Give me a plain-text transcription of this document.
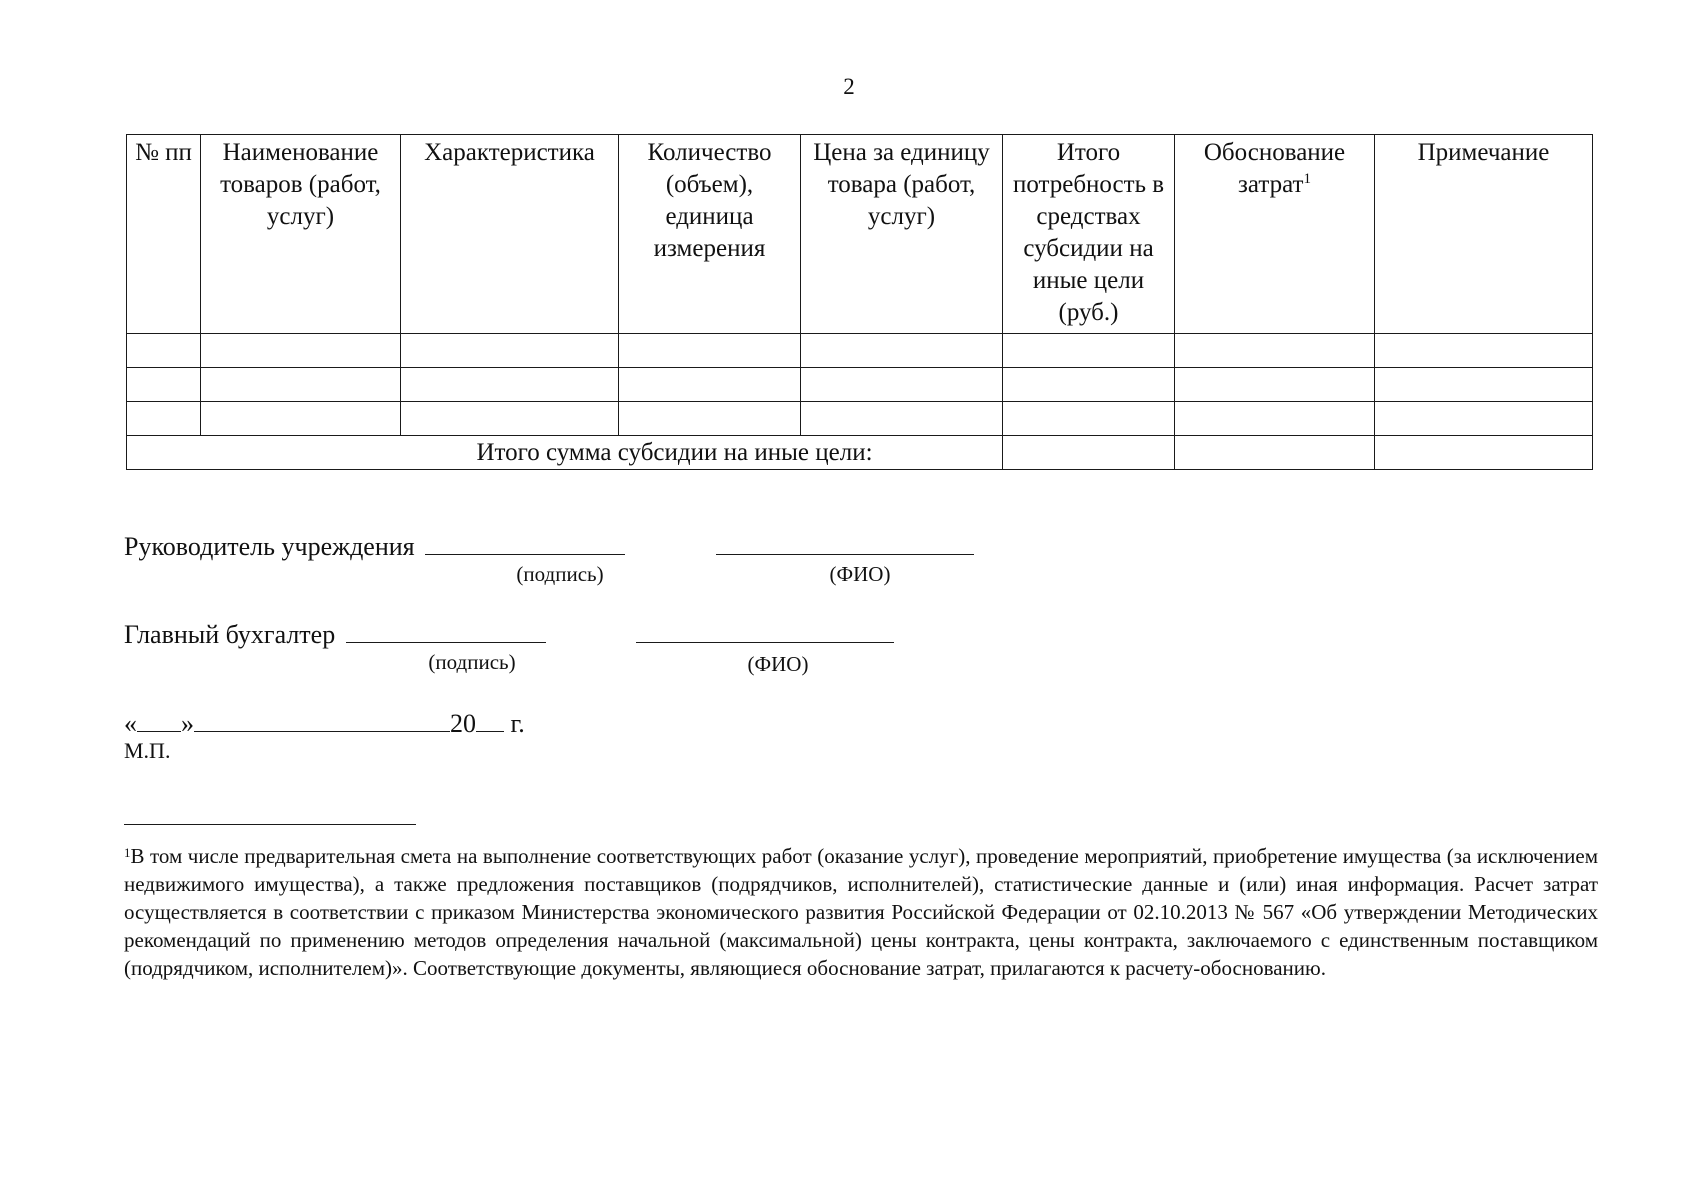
2
№ пп	Наименование товаров (работ, услуг)	Характеристика	Количество (объем), единица измерения	Цена за единицу товара (работ, услуг)	Итого потребность в средствах субсидии на иные цели (руб.)	Обоснование затрат$^1$	Примечание

Итого сумма субсидии на иные цели:							
Руководитель учреждения
(подпись)	(ФИО)
Главный бухгалтер
(подпись)	(ФИО)
« »	20 г.
М.П.
$^1$В том числе предварительная смета на выполнение соответствующих работ (оказание услуг), проведение мероприятий, приобретение имущества (за исключением недвижимого имущества), а также предложения поставщиков (подрядчиков, исполнителей), статистические данные и (или) иная информация. Расчет затрат осуществляется в соответствии с приказом Министерства экономического развития Российской Федерации от 02.10.2013 № 567 «Об утверждении Методических рекомендаций по применению методов определения начальной (максимальной) цены контракта, цены контракта, заключаемого с единственным поставщиком (подрядчиком, исполнителем)». Соответствующие документы, являющиеся обоснование затрат, прилагаются к расчету-обоснованию.
